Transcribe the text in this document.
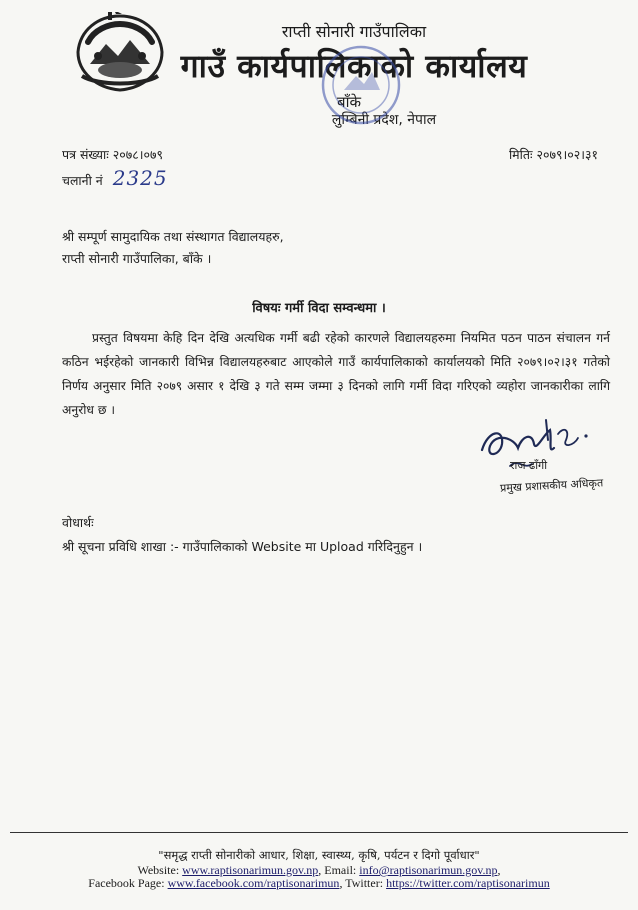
राप्ती सोनारी गाउँपालिका
गाउँ कार्यपालिकाको कार्यालय
बाँके
लुम्बिनी प्रदेश, नेपाल
पत्र संख्याः २०७८।०७९
चलानी नं 2325
मितिः २०७९।०२।३१
श्री सम्पूर्ण सामुदायिक तथा संस्थागत विद्यालयहरु,
राप्ती सोनारी गाउँपालिका, बाँके ।
विषयः गर्मी विदा सम्वन्धमा ।
प्रस्तुत विषयमा केहि दिन देखि अत्यधिक गर्मी बढी रहेको कारणले विद्यालयहरुमा नियमित पठन पाठन संचालन गर्न कठिन भईरहेको जानकारी विभिन्न विद्यालयहरुबाट आएकोले गाउँ कार्यपालिकाको कार्यालयको मिति २०७९।०२।३१ गतेको निर्णय अनुसार मिति २०७९ असार १ देखि ३ गते सम्म जम्मा ३ दिनको लागि गर्मी विदा गरिएको व्यहोरा जानकारीका लागि अनुरोध छ ।
राज ढाँगी
प्रमुख प्रशासकीय अधिकृत
वोधार्थः
श्री सूचना प्रविधि शाखा :- गाउँपालिकाको Website मा Upload गरिदिनुहुन ।
"समृद्ध राप्ती सोनारीको आधार, शिक्षा, स्वास्थ्य, कृषि, पर्यटन र दिगो पूर्वाधार"
Website: www.raptisonarimun.gov.np, Email: info@raptisonarimun.gov.np,
Facebook Page: www.facebook.com/raptisonarimun, Twitter: https://twitter.com/raptisonarimun
